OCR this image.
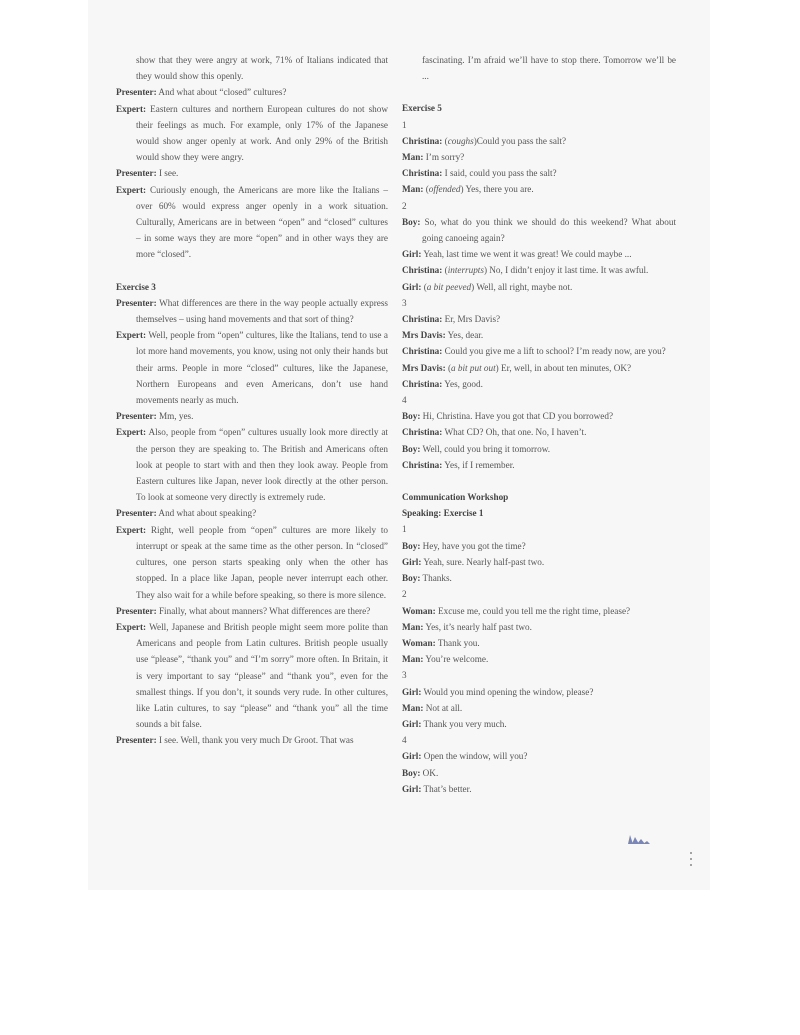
show that they were angry at work, 71% of Italians indicated that they would show this openly.

Presenter: And what about “closed” cultures?

Expert: Eastern cultures and northern European cultures do not show their feelings as much. For example, only 17% of the Japanese would show anger openly at work. And only 29% of the British would show they were angry.

Presenter: I see.

Expert: Curiously enough, the Americans are more like the Italians – over 60% would express anger openly in a work situation. Culturally, Americans are in between “open” and “closed” cultures – in some ways they are more “open” and in other ways they are more “closed”.

Exercise 3

Presenter: What differences are there in the way people actually express themselves – using hand movements and that sort of thing?

Expert: Well, people from “open” cultures, like the Italians, tend to use a lot more hand movements, you know, using not only their hands but their arms. People in more “closed” cultures, like the Japanese, Northern Europeans and even Americans, don’t use hand movements nearly as much.

Presenter: Mm, yes.

Expert: Also, people from “open” cultures usually look more directly at the person they are speaking to. The British and Americans often look at people to start with and then they look away. People from Eastern cultures like Japan, never look directly at the other person. To look at someone very directly is extremely rude.

Presenter: And what about speaking?

Expert: Right, well people from “open” cultures are more likely to interrupt or speak at the same time as the other person. In “closed” cultures, one person starts speaking only when the other has stopped. In a place like Japan, people never interrupt each other. They also wait for a while before speaking, so there is more silence.

Presenter: Finally, what about manners? What differences are there?

Expert: Well, Japanese and British people might seem more polite than Americans and people from Latin cultures. British people usually use “please”, “thank you” and “I’m sorry” more often. In Britain, it is very important to say “please” and “thank you”, even for the smallest things. If you don’t, it sounds very rude. In other cultures, like Latin cultures, to say “please” and “thank you” all the time sounds a bit false.

Presenter: I see. Well, thank you very much Dr Groot. That was

fascinating. I’m afraid we’ll have to stop there. Tomorrow we’ll be ...

Exercise 5

1

Christina: (coughs)Could you pass the salt?

Man: I’m sorry?

Christina: I said, could you pass the salt?

Man: (offended) Yes, there you are.

2

Boy: So, what do you think we should do this weekend? What about going canoeing again?

Girl: Yeah, last time we went it was great! We could maybe ...

Christina: (interrupts) No, I didn’t enjoy it last time. It was awful.

Girl: (a bit peeved) Well, all right, maybe not.

3

Christina: Er, Mrs Davis?

Mrs Davis: Yes, dear.

Christina: Could you give me a lift to school? I’m ready now, are you?

Mrs Davis: (a bit put out) Er, well, in about ten minutes, OK?

Christina: Yes, good.

4

Boy: Hi, Christina. Have you got that CD you borrowed?

Christina: What CD? Oh, that one. No, I haven’t.

Boy: Well, could you bring it tomorrow.

Christina: Yes, if I remember.

Communication Workshop

Speaking: Exercise 1

1

Boy: Hey, have you got the time?

Girl: Yeah, sure. Nearly half-past two.

Boy: Thanks.

2

Woman: Excuse me, could you tell me the right time, please?

Man: Yes, it’s nearly half past two.

Woman: Thank you.

Man: You’re welcome.

3

Girl: Would you mind opening the window, please?

Man: Not at all.

Girl: Thank you very much.

4

Girl: Open the window, will you?

Boy: OK.

Girl: That’s better.
